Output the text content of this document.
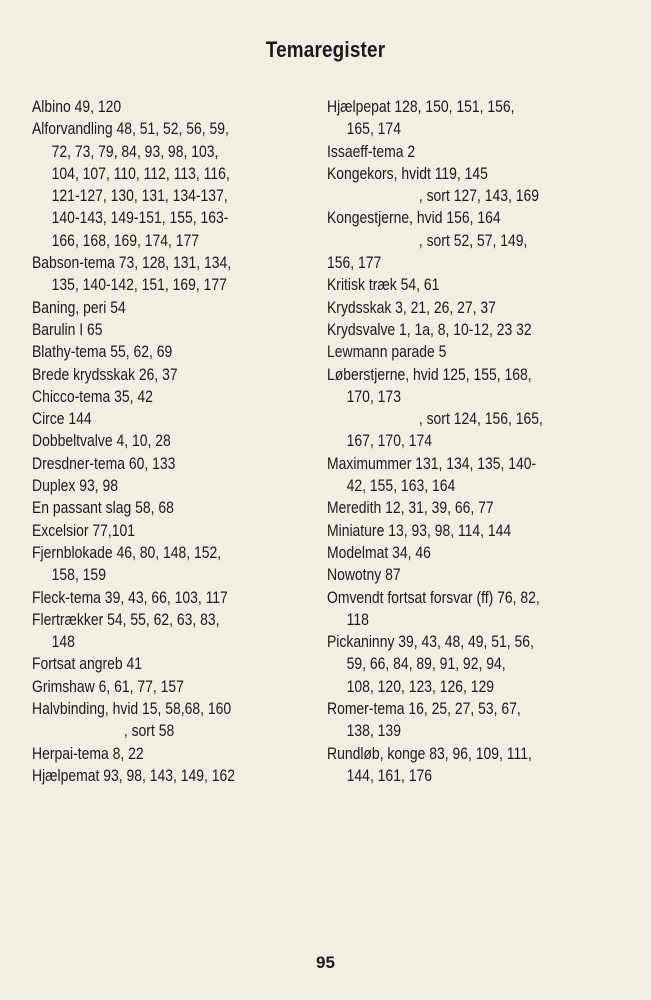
Temaregister
Albino 49, 120
Alforvandling 48, 51, 52, 56, 59,
72, 73, 79, 84, 93, 98, 103,
104, 107, 110, 112, 113, 116,
121-127, 130, 131, 134-137,
140-143, 149-151, 155, 163-
166, 168, 169, 174, 177
Babson-tema 73, 128, 131, 134,
135, 140-142, 151, 169, 177
Baning, peri 54
Barulin I 65
Blathy-tema 55, 62, 69
Brede krydsskak 26, 37
Chicco-tema 35, 42
Circe 144
Dobbeltvalve 4, 10, 28
Dresdner-tema 60, 133
Duplex 93, 98
En passant slag 58, 68
Excelsior 77,101
Fjernblokade 46, 80, 148, 152,
158, 159
Fleck-tema 39, 43, 66, 103, 117
Flertrækker 54, 55, 62, 63, 83,
148
Fortsat angreb 41
Grimshaw 6, 61, 77, 157
Halvbinding, hvid 15, 58,68, 160
, sort 58
Herpai-tema 8, 22
Hjælpemat 93, 98, 143, 149, 162
Hjælpepat 128, 150, 151, 156,
165, 174
Issaeff-tema 2
Kongekors, hvidt 119, 145
, sort 127, 143, 169
Kongestjerne, hvid 156, 164
, sort 52, 57, 149,
156, 177
Kritisk træk 54, 61
Krydsskak 3, 21, 26, 27, 37
Krydsvalve 1, 1a, 8, 10-12, 23 32
Lewmann parade 5
Løberstjerne, hvid 125, 155, 168,
170, 173
, sort 124, 156, 165,
167, 170, 174
Maximummer 131, 134, 135, 140-
42, 155, 163, 164
Meredith 12, 31, 39, 66, 77
Miniature 13, 93, 98, 114, 144
Modelmat 34, 46
Nowotny 87
Omvendt fortsat forsvar (ff) 76, 82,
118
Pickaninny 39, 43, 48, 49, 51, 56,
59, 66, 84, 89, 91, 92, 94,
108, 120, 123, 126, 129
Romer-tema 16, 25, 27, 53, 67,
138, 139
Rundløb, konge 83, 96, 109, 111,
144, 161, 176
95
